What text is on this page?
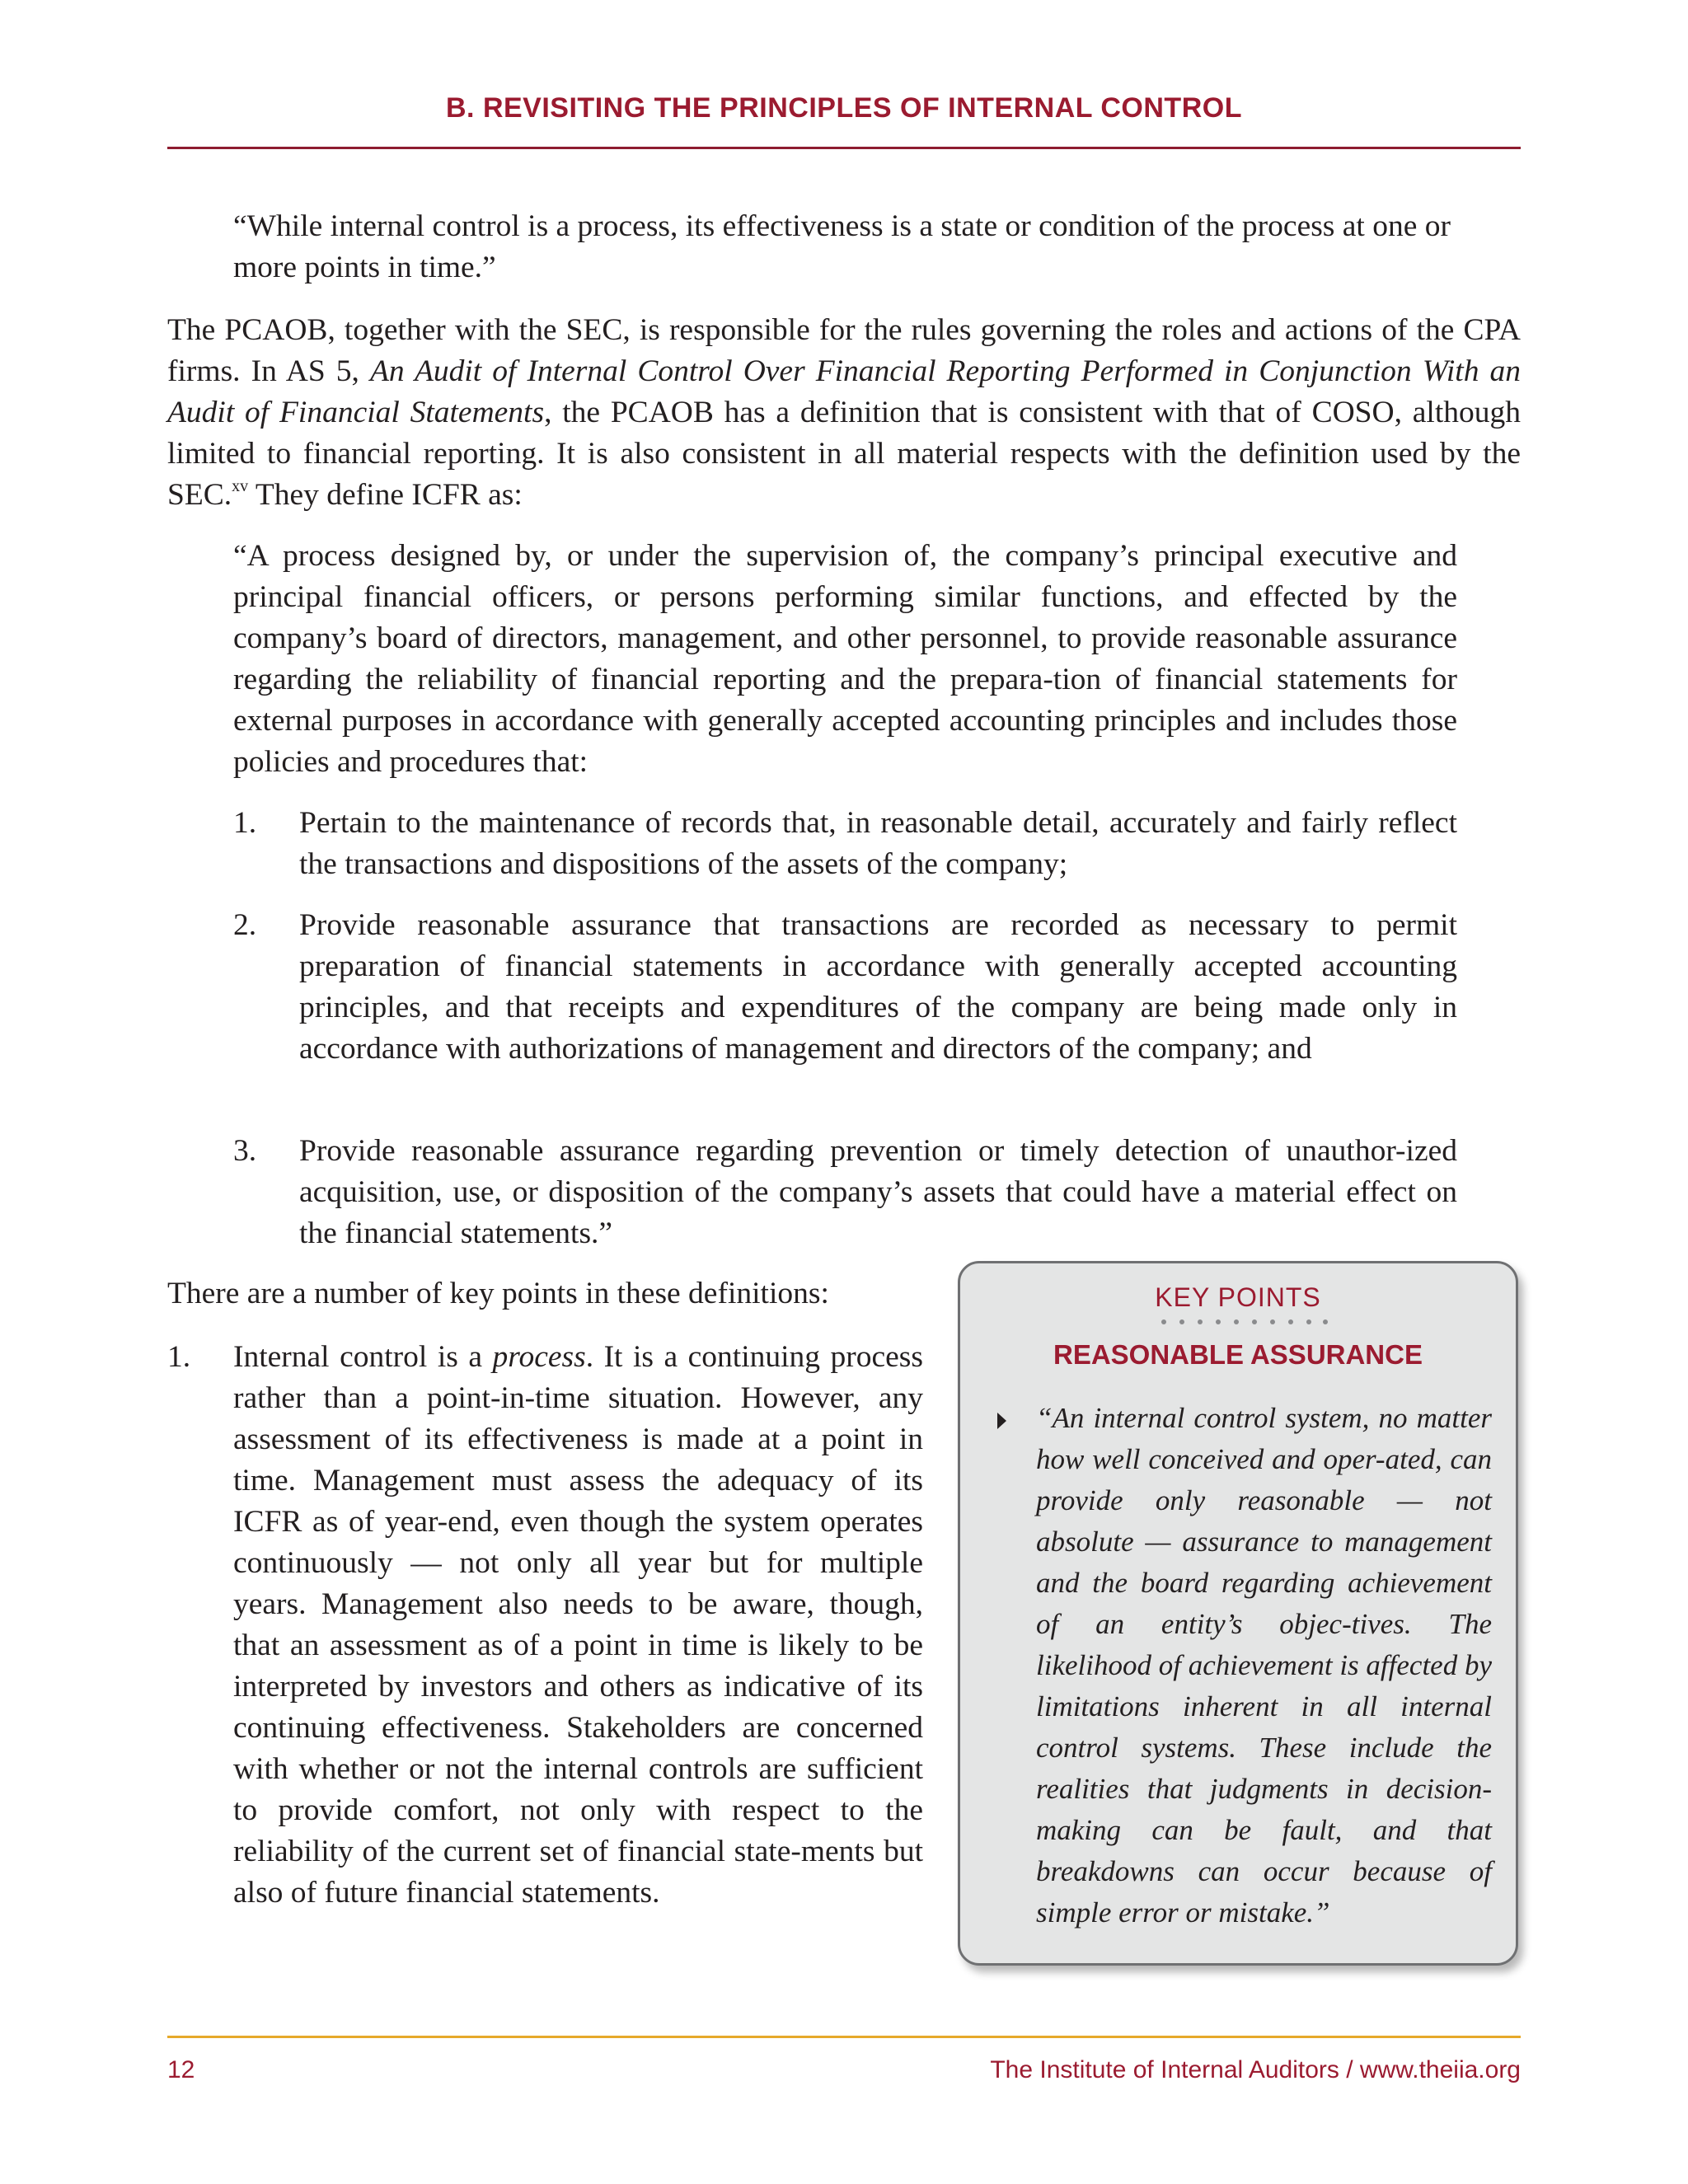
B. REVISITING THE PRINCIPLES OF INTERNAL CONTROL

“While internal control is a process, its effectiveness is a state or condition of the process at one or more points in time.”

The PCAOB, together with the SEC, is responsible for the rules governing the roles and actions of the CPA firms. In AS 5, An Audit of Internal Control Over Financial Reporting Performed in Conjunction With an Audit of Financial Statements, the PCAOB has a definition that is consistent with that of COSO, although limited to financial reporting. It is also consistent in all material respects with the definition used by the SEC.$^{xv}$ They define ICFR as:

“A process designed by, or under the supervision of, the company’s principal executive and principal financial officers, or persons performing similar functions, and effected by the company’s board of directors, management, and other personnel, to provide reasonable assurance regarding the reliability of financial reporting and the prepara-tion of financial statements for external purposes in accordance with generally accepted accounting principles and includes those policies and procedures that:

1. Pertain to the maintenance of records that, in reasonable detail, accurately and fairly reflect the transactions and dispositions of the assets of the company;
2. Provide reasonable assurance that transactions are recorded as necessary to permit preparation of financial statements in accordance with generally accepted accounting principles, and that receipts and expenditures of the company are being made only in accordance with authorizations of management and directors of the company; and
3. Provide reasonable assurance regarding prevention or timely detection of unauthor-ized acquisition, use, or disposition of the company’s assets that could have a material effect on the financial statements.”
There are a number of key points in these definitions:
1. Internal control is a process. It is a continuing process rather than a point-in-time situation. However, any assessment of its effectiveness is made at a point in time. Management must assess the adequacy of its ICFR as of year-end, even though the system operates continuously — not only all year but for multiple years. Management also needs to be aware, though, that an assessment as of a point in time is likely to be interpreted by investors and others as indicative of its continuing effectiveness. Stakeholders are concerned with whether or not the internal controls are sufficient to provide comfort, not only with respect to the reliability of the current set of financial state-ments but also of future financial statements.
KEY POINTS
REASONABLE ASSURANCE
“An internal control system, no matter how well conceived and oper-ated, can provide only reasonable — not absolute — assurance to management and the board regarding achievement of an entity’s objec-tives. The likelihood of achievement is affected by limitations inherent in all internal control systems. These include the realities that judgments in decision-making can be fault, and that breakdowns can occur because of simple error or mistake.”
12	The Institute of Internal Auditors / www.theiia.org
